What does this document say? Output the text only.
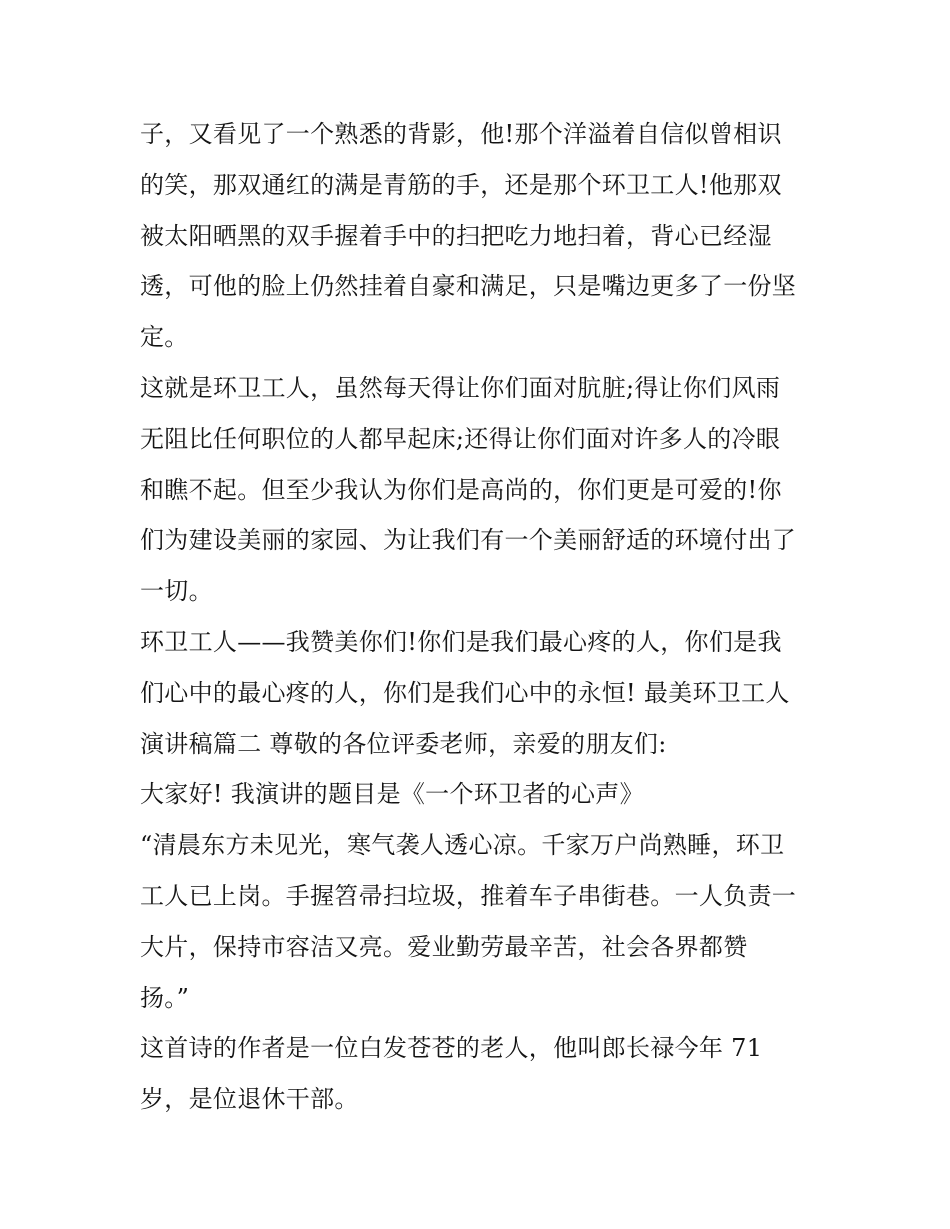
子，又看见了一个熟悉的背影，他!那个洋溢着自信似曾相识
的笑，那双通红的满是青筋的手，还是那个环卫工人!他那双
被太阳晒黑的双手握着手中的扫把吃力地扫着，背心已经湿
透，可他的脸上仍然挂着自豪和满足，只是嘴边更多了一份坚
定。
这就是环卫工人，虽然每天得让你们面对肮脏;得让你们风雨
无阻比任何职位的人都早起床;还得让你们面对许多人的冷眼
和瞧不起。但至少我认为你们是高尚的，你们更是可爱的!你
们为建设美丽的家园、为让我们有一个美丽舒适的环境付出了
一切。
环卫工人——我赞美你们!你们是我们最心疼的人，你们是我
们心中的最心疼的人，你们是我们心中的永恒! 最美环卫工人
演讲稿篇二 尊敬的各位评委老师，亲爱的朋友们:
大家好! 我演讲的题目是《一个环卫者的心声》
“清晨东方未见光，寒气袭人透心凉。千家万户尚熟睡，环卫
工人已上岗。手握笤帚扫垃圾，推着车子串街巷。一人负责一
大片，保持市容洁又亮。爱业勤劳最辛苦，社会各界都赞
扬。”
这首诗的作者是一位白发苍苍的老人，他叫郎长禄今年 71
岁，是位退休干部。
